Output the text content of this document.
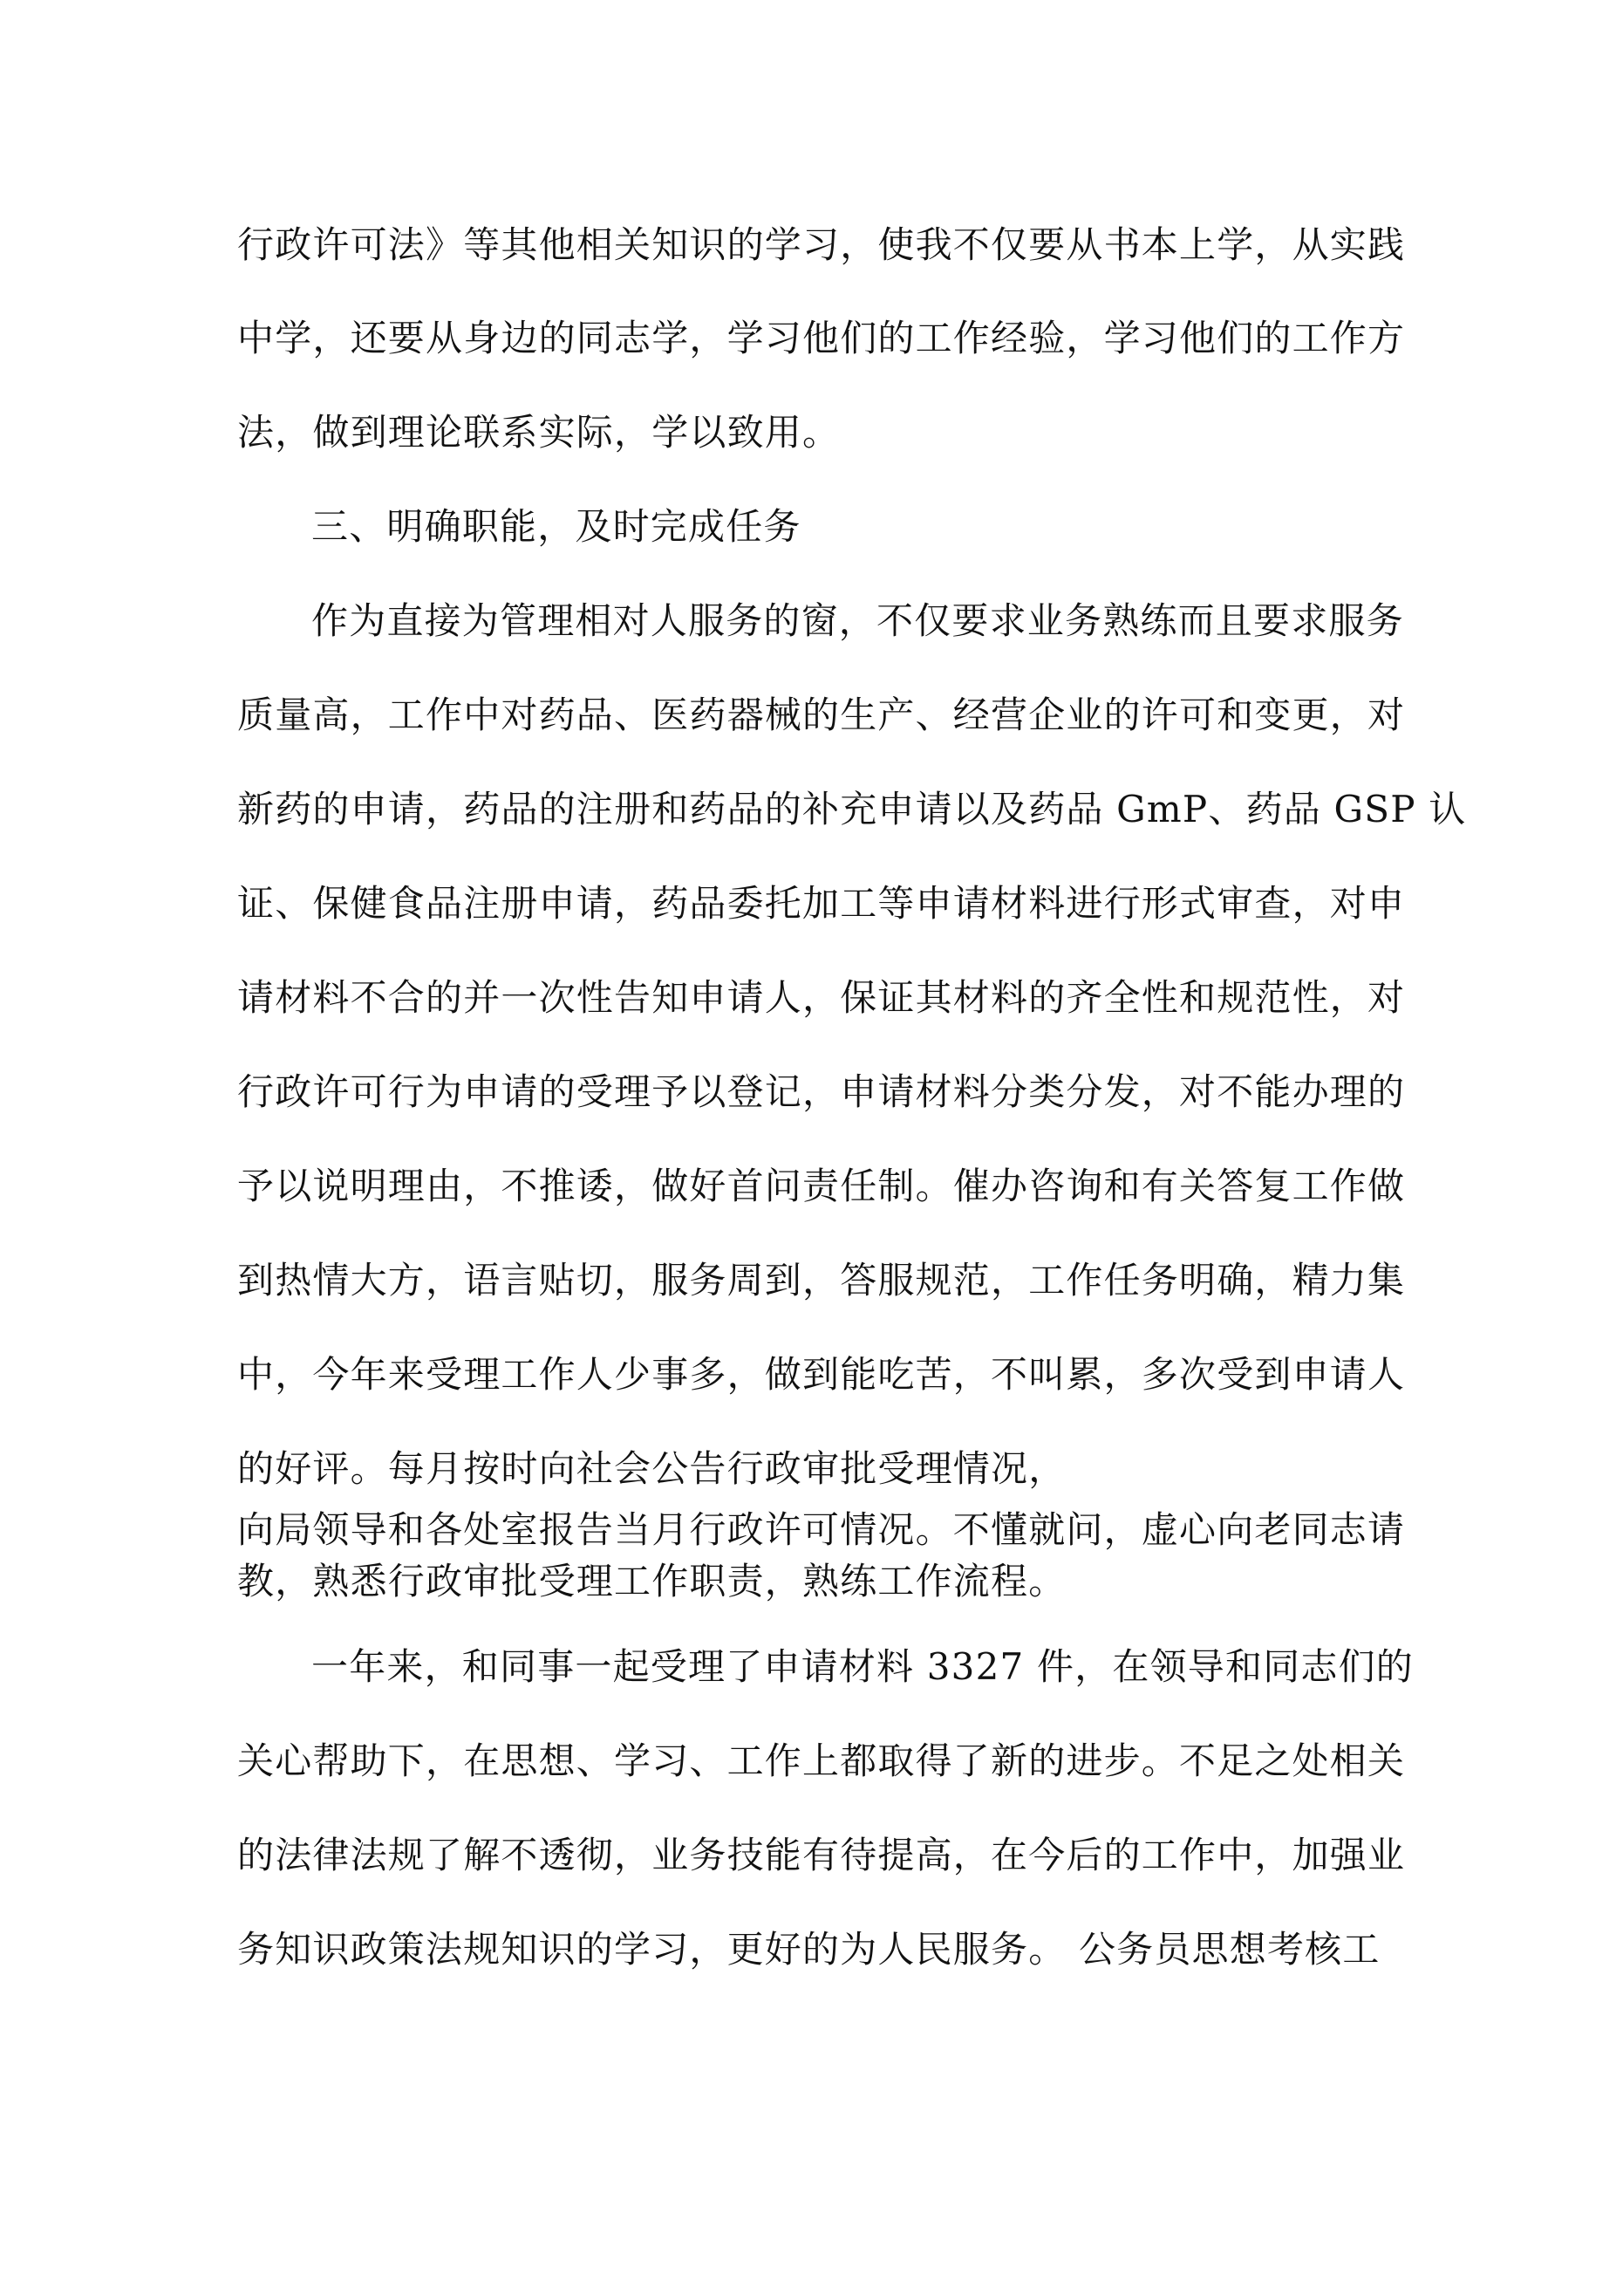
行政许可法》等其他相关知识的学习，使我不仅要从书本上学，从实践
中学，还要从身边的同志学，学习他们的工作经验，学习他们的工作方
法，做到理论联系实际，学以致用。
三、明确职能，及时完成任务
作为直接为管理相对人服务的窗，不仅要求业务熟练而且要求服务
质量高，工作中对药品、医药器械的生产、经营企业的许可和变更，对
新药的申请，药品的注册和药品的补充申请以及药品 GmP、药品 GSP 认
证、保健食品注册申请，药品委托加工等申请材料进行形式审查，对申
请材料不合的并一次性告知申请人，保证其材料的齐全性和规范性，对
行政许可行为申请的受理予以登记，申请材料分类分发，对不能办理的
予以说明理由，不推诿，做好首问责任制。催办咨询和有关答复工作做
到热情大方，语言贴切，服务周到，答服规范，工作任务明确，精力集
中，今年来受理工作人少事多，做到能吃苦，不叫累，多次受到申请人
的好评。每月按时向社会公告行政审批受理情况，
向局领导和各处室报告当月行政许可情况。不懂就问，虚心向老同志请
教，熟悉行政审批受理工作职责，熟练工作流程。
一年来，和同事一起受理了申请材料 3327 件，在领导和同志们的
关心帮助下，在思想、学习、工作上都取得了新的进步。不足之处相关
的法律法规了解不透彻，业务技能有待提高，在今后的工作中，加强业
务知识政策法规知识的学习，更好的为人民服务。 公务员思想考核工
